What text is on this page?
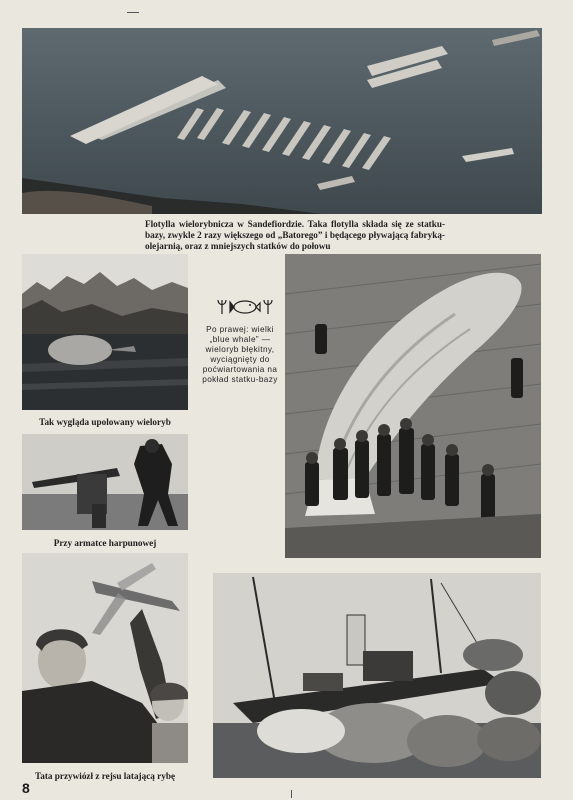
Flotylla wielorybnicza w Sandefiordzie. Taka flotylla składa się ze statku-bazy, zwykle 2 razy większego od „Batorego” i będącego pływającą fabryką-olejarnią, oraz z mniejszych statków do połowu
Tak wygląda upolowany wieloryb
Przy armatce harpunowej
Tata przywiózł z rejsu latającą rybę
Po prawej: wielki „blue whale” — wieloryb błękitny, wyciągnięty do poćwiartowania na pokład statku-bazy
8
